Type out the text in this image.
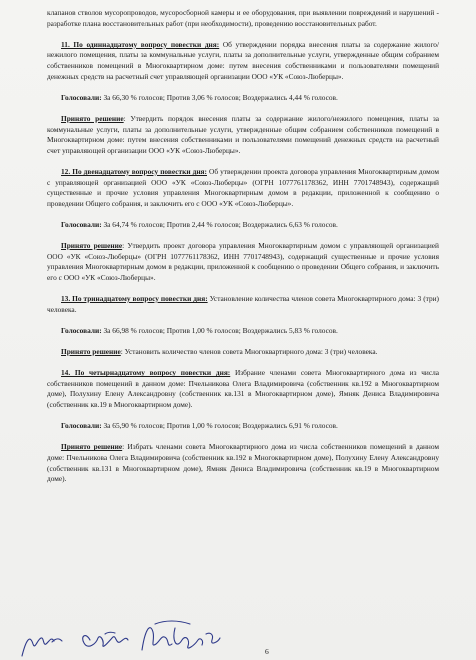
клапанов стволов мусоропроводов, мусоросборной камеры и ее оборудования, при выявлении повреждений и нарушений - разработке плана восстановительных работ (при необходимости), проведению восстановительных работ.

11. По одиннадцатому вопросу повестки дня: Об утверждении порядка внесения платы за содержание жилого/нежилого помещения, платы за коммунальные услуги, платы за дополнительные услуги, утвержденные общим собранием собственников помещений в Многоквартирном доме: путем внесения собственниками и пользователями помещений денежных средств на расчетный счет управляющей организации ООО «УК «Союз-Люберцы».

Голосовали: За 66,30 % голосов; Против 3,06 % голосов; Воздержались 4,44 % голосов.

Принято решение: Утвердить порядок внесения платы за содержание жилого/нежилого помещения, платы за коммунальные услуги, платы за дополнительные услуги, утвержденные общим собранием собственников помещений в Многоквартирном доме: путем внесения собственниками и пользователями помещений денежных средств на расчетный счет управляющей организации ООО «УК «Союз-Люберцы».

12. По двенадцатому вопросу повестки дня: Об утверждении проекта договора управления Многоквартирным домом с управляющей организацией ООО «УК «Союз-Люберцы» (ОГРН 1077761178362, ИНН 7701748943), содержащий существенные и прочие условия управления Многоквартирным домом в редакции, приложенной к сообщению о проведении Общего собрания, и заключить его с ООО «УК «Союз-Люберцы».

Голосовали: За 64,74 % голосов; Против 2,44 % голосов; Воздержались 6,63 % голосов.

Принято решение: Утвердить проект договора управления Многоквартирным домом с управляющей организацией ООО «УК «Союз-Люберцы» (ОГРН 1077761178362, ИНН 7701748943), содержащий существенные и прочие условия управления Многоквартирным домом в редакции, приложенной к сообщению о проведении Общего собрания, и заключить его с ООО «УК «Союз-Люберцы».

13. По тринадцатому вопросу повестки дня: Установление количества членов совета Многоквартирного дома: 3 (три) человека.

Голосовали: За 66,98 % голосов; Против 1,00 % голосов; Воздержались 5,83 % голосов.

Принято решение: Установить количество членов совета Многоквартирного дома: 3 (три) человека.

14. По четырнадцатому вопросу повестки дня: Избрание членами совета Многоквартирного дома из числа собственников помещений в данном доме: Пчельникова Олега Владимировича (собственник кв.192 в Многоквартирном доме), Полухину Елену Александровну (собственник кв.131 в Многоквартирном доме), Ямняк Дениса Владимировича (собственник кв.19 в Многоквартирном доме).

Голосовали: За 65,90 % голосов; Против 1,00 % голосов; Воздержались 6,91 % голосов.

Принято решение: Избрать членами совета Многоквартирного дома из числа собственников помещений в данном доме: Пчельникова Олега Владимировича (собственник кв.192 в Многоквартирном доме), Полухину Елену Александровну (собственник кв.131 в Многоквартирном доме), Ямняк Дениса Владимировича (собственник кв.19 в Многоквартирном доме).

6
